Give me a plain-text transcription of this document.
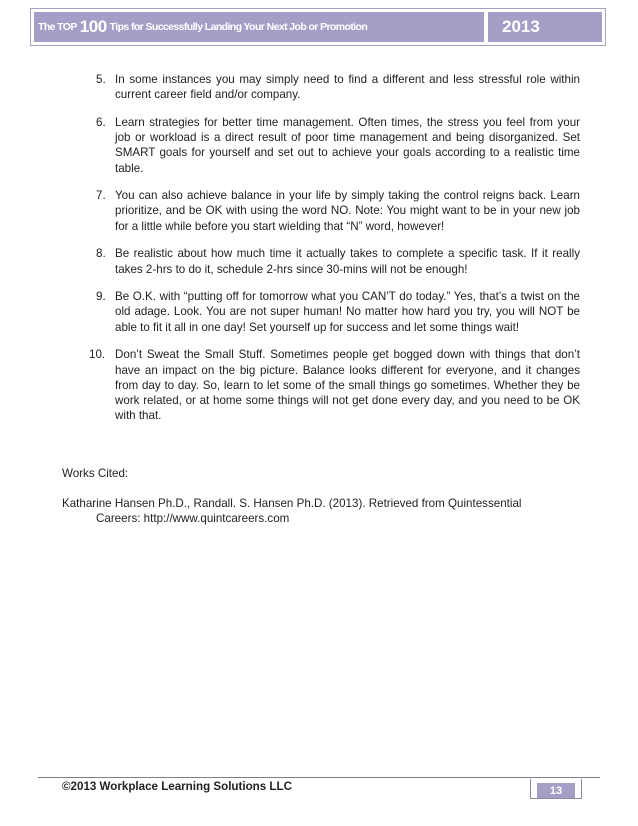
The TOP 100 Tips for Successfully Landing Your Next Job or Promotion	2013
5. In some instances you may simply need to find a different and less stressful role within current career field and/or company.
6. Learn strategies for better time management. Often times, the stress you feel from your job or workload is a direct result of poor time management and being disorganized. Set SMART goals for yourself and set out to achieve your goals according to a realistic time table.
7. You can also achieve balance in your life by simply taking the control reigns back. Learn prioritize, and be OK with using the word NO. Note: You might want to be in your new job for a little while before you start wielding that “N” word, however!
8. Be realistic about how much time it actually takes to complete a specific task. If it really takes 2-hrs to do it, schedule 2-hrs since 30-mins will not be enough!
9. Be O.K. with “putting off for tomorrow what you CAN’T do today.” Yes, that’s a twist on the old adage. Look. You are not super human! No matter how hard you try, you will NOT be able to fit it all in one day! Set yourself up for success and let some things wait!
10. Don’t Sweat the Small Stuff. Sometimes people get bogged down with things that don’t have an impact on the big picture. Balance looks different for everyone, and it changes from day to day. So, learn to let some of the small things go sometimes. Whether they be work related, or at home some things will not get done every day, and you need to be OK with that.
Works Cited:
Katharine Hansen Ph.D., Randall. S. Hansen Ph.D. (2013). Retrieved from Quintessential
Careers: http://www.quintcareers.com
©2013 Workplace Learning Solutions LLC	13
